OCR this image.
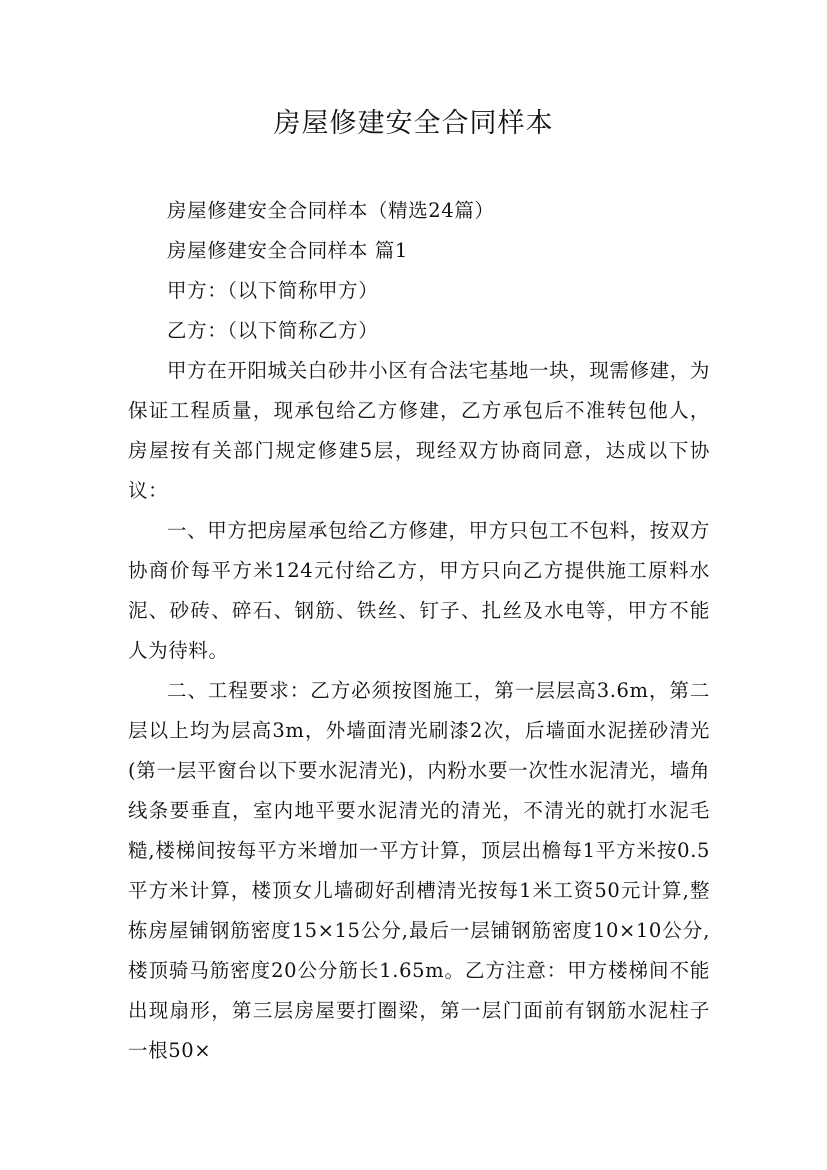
房屋修建安全合同样本

房屋修建安全合同样本（精选24篇）

房屋修建安全合同样本 篇1

甲方：（以下简称甲方）

乙方：（以下简称乙方）

甲方在开阳城关白砂井小区有合法宅基地一块，现需修建，为保证工程质量，现承包给乙方修建，乙方承包后不准转包他人，房屋按有关部门规定修建5层，现经双方协商同意，达成以下协议：

一、甲方把房屋承包给乙方修建，甲方只包工不包料，按双方协商价每平方米124元付给乙方，甲方只向乙方提供施工原料水泥、砂砖、碎石、钢筋、铁丝、钉子、扎丝及水电等，甲方不能人为待料。

二、工程要求：乙方必须按图施工，第一层层高3.6m，第二层以上均为层高3m，外墙面清光刷漆2次，后墙面水泥搓砂清光(第一层平窗台以下要水泥清光)，内粉水要一次性水泥清光，墙角线条要垂直，室内地平要水泥清光的清光，不清光的就打水泥毛糙,楼梯间按每平方米增加一平方计算，顶层出檐每1平方米按0.5平方米计算，楼顶女儿墙砌好刮槽清光按每1米工资50元计算,整栋房屋铺钢筋密度15×15公分,最后一层铺钢筋密度10×10公分,楼顶骑马筋密度20公分筋长1.65m。乙方注意：甲方楼梯间不能出现扇形，第三层房屋要打圈梁，第一层门面前有钢筋水泥柱子一根50×
